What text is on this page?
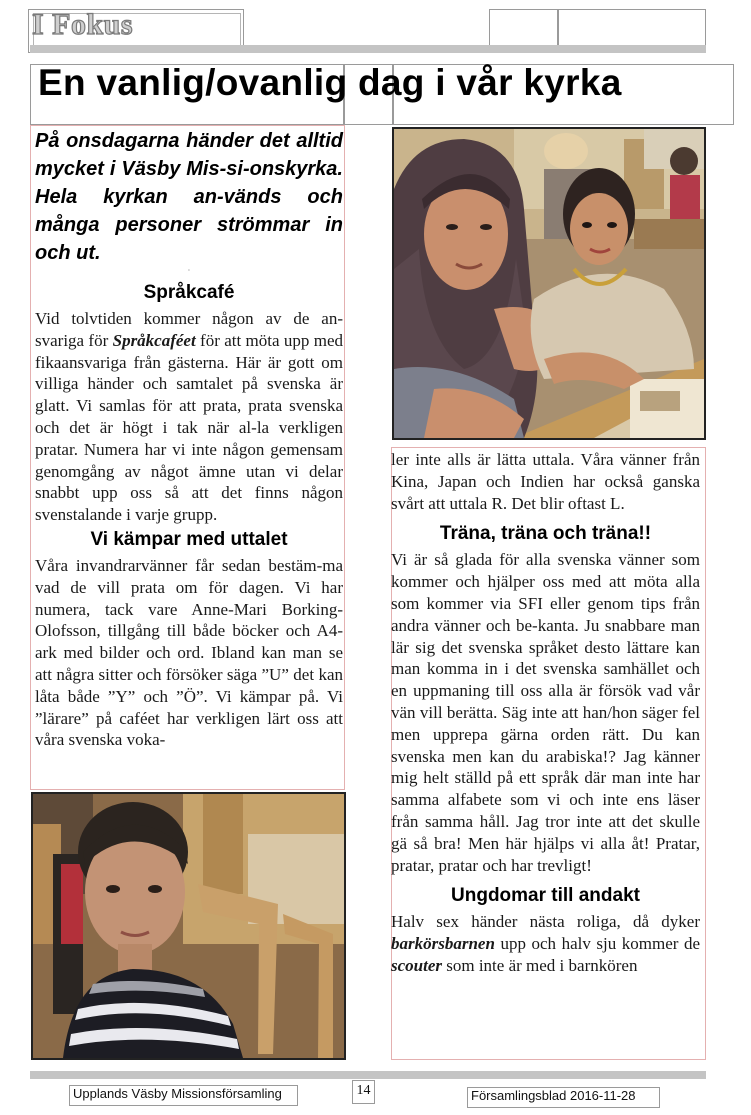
I Fokus
En vanlig/ovanlig dag i vår kyrka

På onsdagarna händer det alltid mycket i Väsby Mis-si-onskyrka. Hela kyrkan an-vänds och många personer strömmar in och ut.

·
Språkcafé

Vid tolvtiden kommer någon av de an-svariga för Språkcaféet för att möta upp med fikaansvariga från gästerna. Här är gott om villiga händer och samtalet på svenska är glatt. Vi samlas för att prata, prata svenska och det är högt i tak när al-la verkligen pratar. Numera har vi inte någon gemensam genomgång av något ämne utan vi delar snabbt upp oss så att det finns någon svenstalande i varje grupp.

Vi kämpar med uttalet

Våra invandrarvänner får sedan bestäm-ma vad de vill prata om för dagen. Vi har numera, tack vare Anne-Mari Borking-Olofsson, tillgång till både böcker och A4-ark med bilder och ord. Ibland kan man se att några sitter och försöker säga ”U” det kan låta både ”Y” och ”Ö”. Vi kämpar på. Vi ”lärare” på caféet har verkligen lärt oss att våra svenska voka-

ler inte alls är lätta uttala. Våra vänner från Kina, Japan och Indien har också ganska svårt att uttala R. Det blir oftast L.

Träna, träna och träna!!

Vi är så glada för alla svenska vänner som kommer och hjälper oss med att möta alla som kommer via SFI eller genom tips från andra vänner och be-kanta. Ju snabbare man lär sig det svenska språket desto lättare kan man komma in i det svenska samhället och en uppmaning till oss alla är försök vad vår vän vill berätta. Säg inte att han/hon säger fel men upprepa gärna orden rätt. Du kan svenska men kan du arabiska!? Jag känner mig helt ställd på ett språk där man inte har samma alfabete som vi och inte ens läser från samma håll. Jag tror inte att det skulle gä så bra! Men här hjälps vi alla åt! Pratar, pratar, pratar och har trevligt!

Ungdomar till andakt

Halv sex händer nästa roliga, då dyker barkörsbarnen upp och halv sju kommer de scouter som inte är med i barnkören

Upplands Väsby Missionsförsamling	14	Församlingsblad 2016-11-28
